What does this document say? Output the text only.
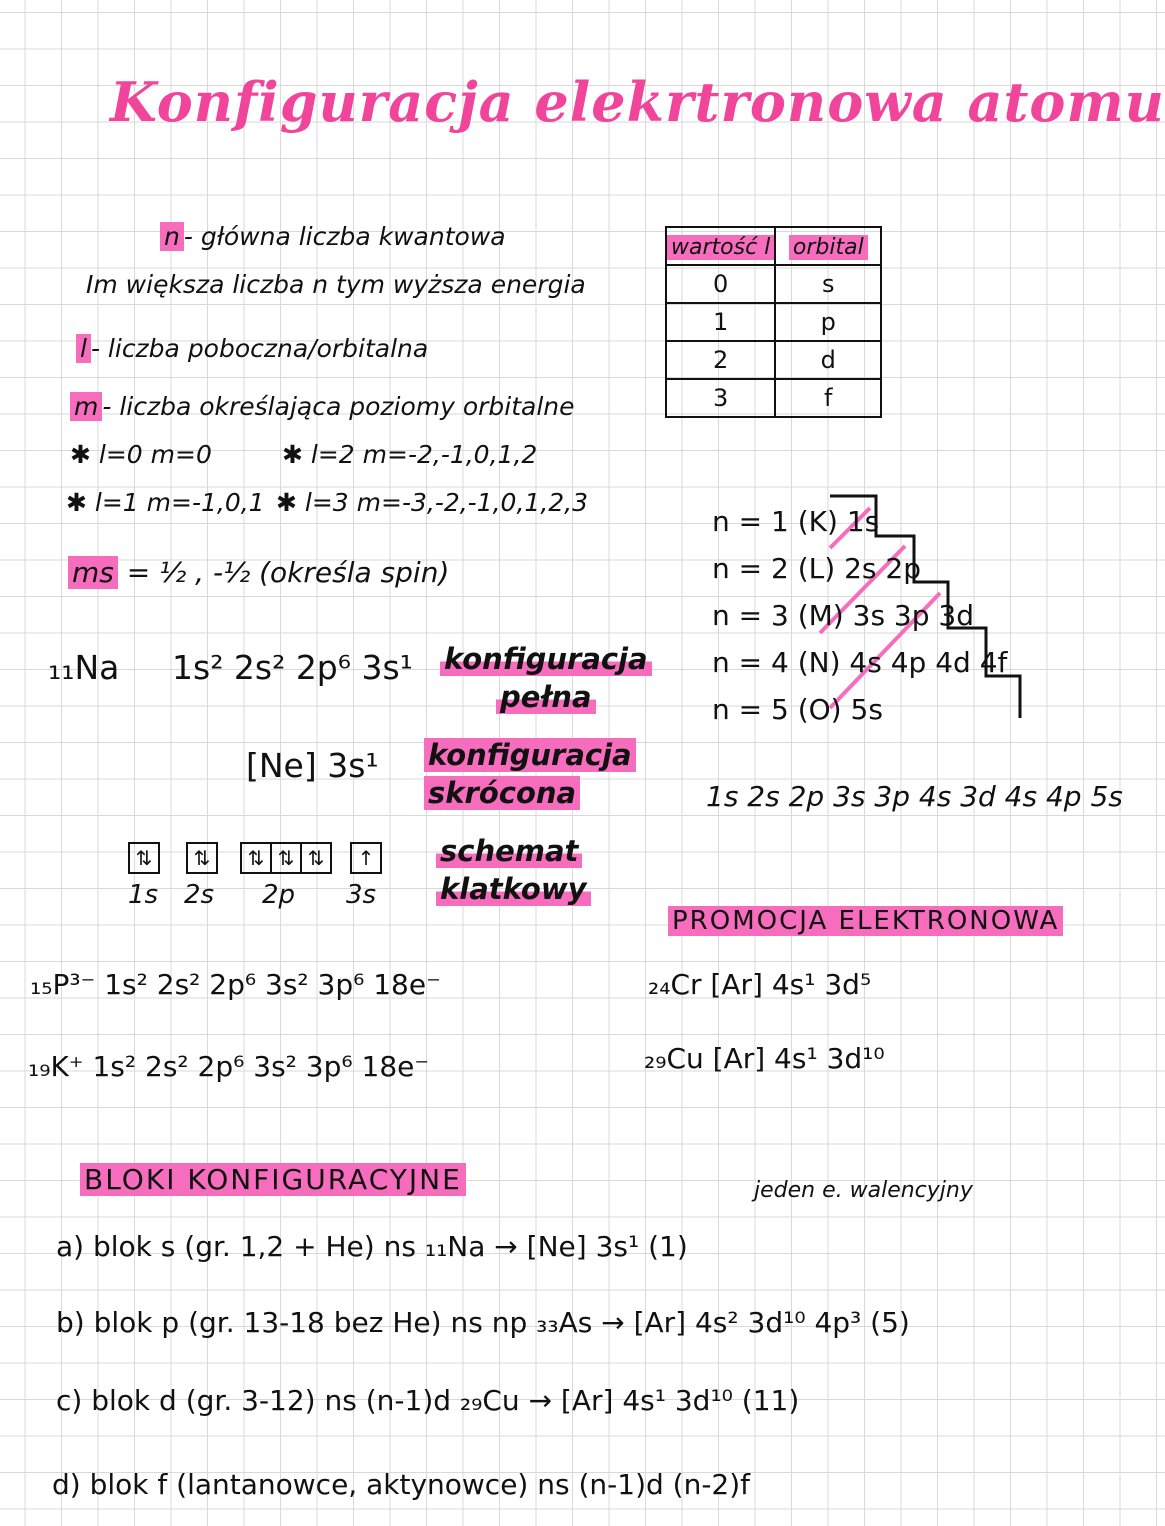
Konfiguracja elekrtronowa atomu
n - główna liczba kwantowa
Im większa liczba n tym wyższa energia
l - liczba poboczna/orbitalna
m - liczba określająca poziomy orbitalne
✱ l=0 m=0	✱ l=2 m=-2,-1,0,1,2
✱ l=1 m=-1,0,1 ✱ l=3 m=-3,-2,-1,0,1,2,3
ms = ½ , -½ (określa spin)
wartość l	orbital
0	s
1	p
2	d
3	f
n = 1 (K) 1s
n = 2 (L) 2s 2p
n = 3 (M) 3s 3p 3d
n = 4 (N) 4s 4p 4d 4f
n = 5 (O) 5s
1s 2s 2p 3s 3p 4s 3d 4s 4p 5s
₁₁Na 1s² 2s² 2p⁶ 3s¹ konfiguracja
pełna
[Ne] 3s¹ konfiguracja
skrócona
⇅	⇅	⇅ ⇅ ⇅	↑
1s 2s 2p 3s
schemat
klatkowy
₁₅P³⁻ 1s² 2s² 2p⁶ 3s² 3p⁶ 18e⁻
₁₉K⁺ 1s² 2s² 2p⁶ 3s² 3p⁶ 18e⁻
PROMOCJA ELEKTRONOWA
₂₄Cr [Ar] 4s¹ 3d⁵
₂₉Cu [Ar] 4s¹ 3d¹⁰
BLOKI KONFIGURACYJNE	jeden e. walencyjny
a) blok s (gr. 1,2 + He) ns ₁₁Na → [Ne] 3s¹ (1)
b) blok p (gr. 13-18 bez He) ns np ₃₃As → [Ar] 4s² 3d¹⁰ 4p³ (5)
c) blok d (gr. 3-12) ns (n-1)d ₂₉Cu → [Ar] 4s¹ 3d¹⁰ (11)
d) blok f (lantanowce, aktynowce) ns (n-1)d (n-2)f
